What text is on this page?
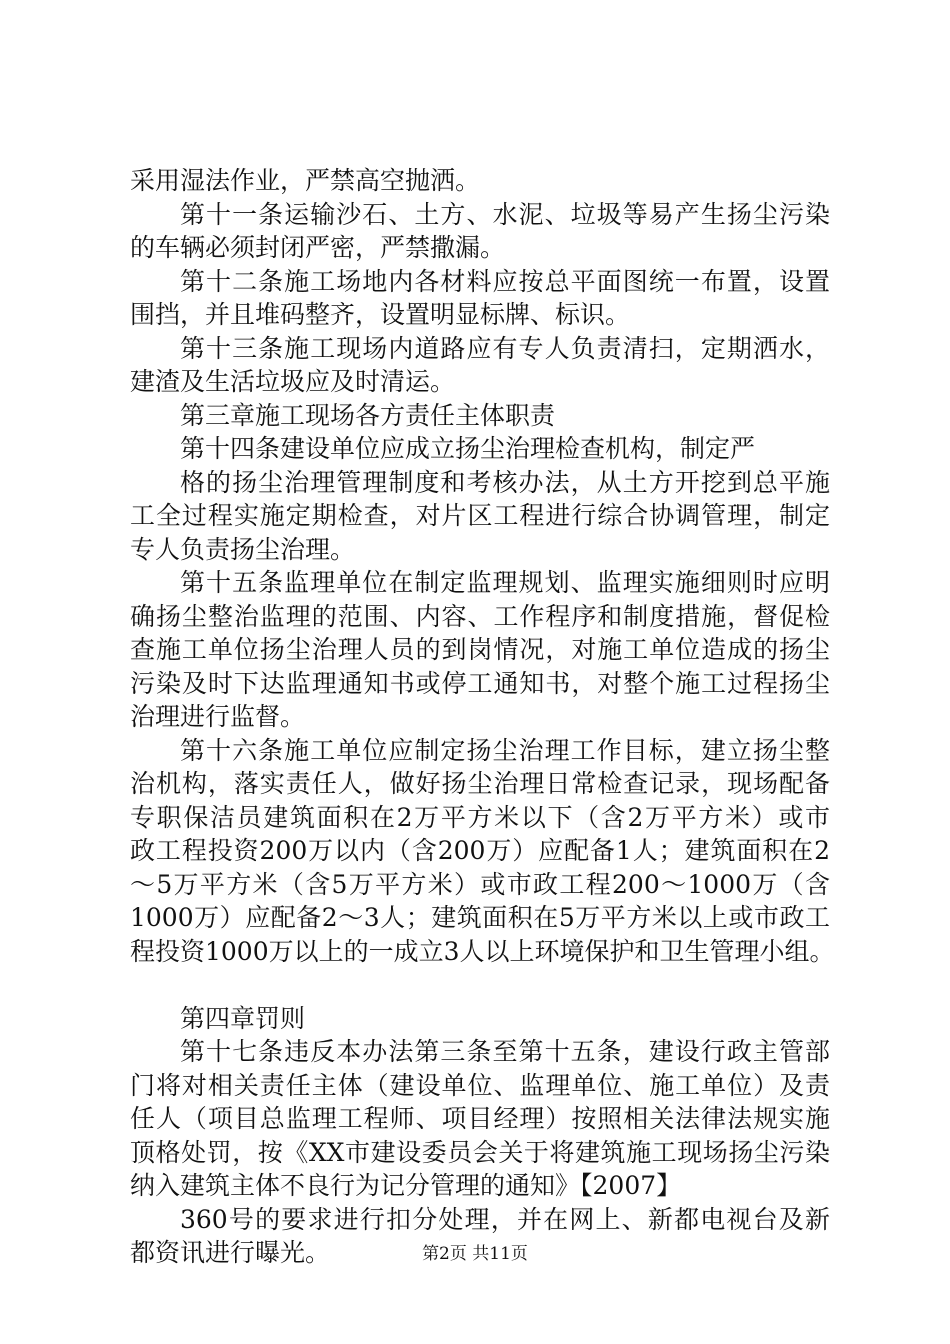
采用湿法作业，严禁高空抛洒。
第十一条运输沙石、土方、水泥、垃圾等易产生扬尘污染
的车辆必须封闭严密，严禁撒漏。
第十二条施工场地内各材料应按总平面图统一布置，设置
围挡，并且堆码整齐，设置明显标牌、标识。
第十三条施工现场内道路应有专人负责清扫，定期洒水，
建渣及生活垃圾应及时清运。
第三章施工现场各方责任主体职责
第十四条建设单位应成立扬尘治理检查机构，制定严
格的扬尘治理管理制度和考核办法，从土方开挖到总平施
工全过程实施定期检查，对片区工程进行综合协调管理，制定
专人负责扬尘治理。
第十五条监理单位在制定监理规划、监理实施细则时应明
确扬尘整治监理的范围、内容、工作程序和制度措施，督促检
查施工单位扬尘治理人员的到岗情况，对施工单位造成的扬尘
污染及时下达监理通知书或停工通知书，对整个施工过程扬尘
治理进行监督。
第十六条施工单位应制定扬尘治理工作目标，建立扬尘整
治机构，落实责任人，做好扬尘治理日常检查记录，现场配备
专职保洁员建筑面积在2万平方米以下（含2万平方米）或市
政工程投资200万以内（含200万）应配备1人；建筑面积在2
～5万平方米（含5万平方米）或市政工程200～1000万（含
1000万）应配备2～3人；建筑面积在5万平方米以上或市政工
程投资1000万以上的一成立3人以上环境保护和卫生管理小组。
第四章罚则
第十七条违反本办法第三条至第十五条，建设行政主管部
门将对相关责任主体（建设单位、监理单位、施工单位）及责
任人（项目总监理工程师、项目经理）按照相关法律法规实施
顶格处罚，按《XX市建设委员会关于将建筑施工现场扬尘污染
纳入建筑主体不良行为记分管理的通知》【2007】
360号的要求进行扣分处理，并在网上、新都电视台及新
都资讯进行曝光。	第2页 共11页
